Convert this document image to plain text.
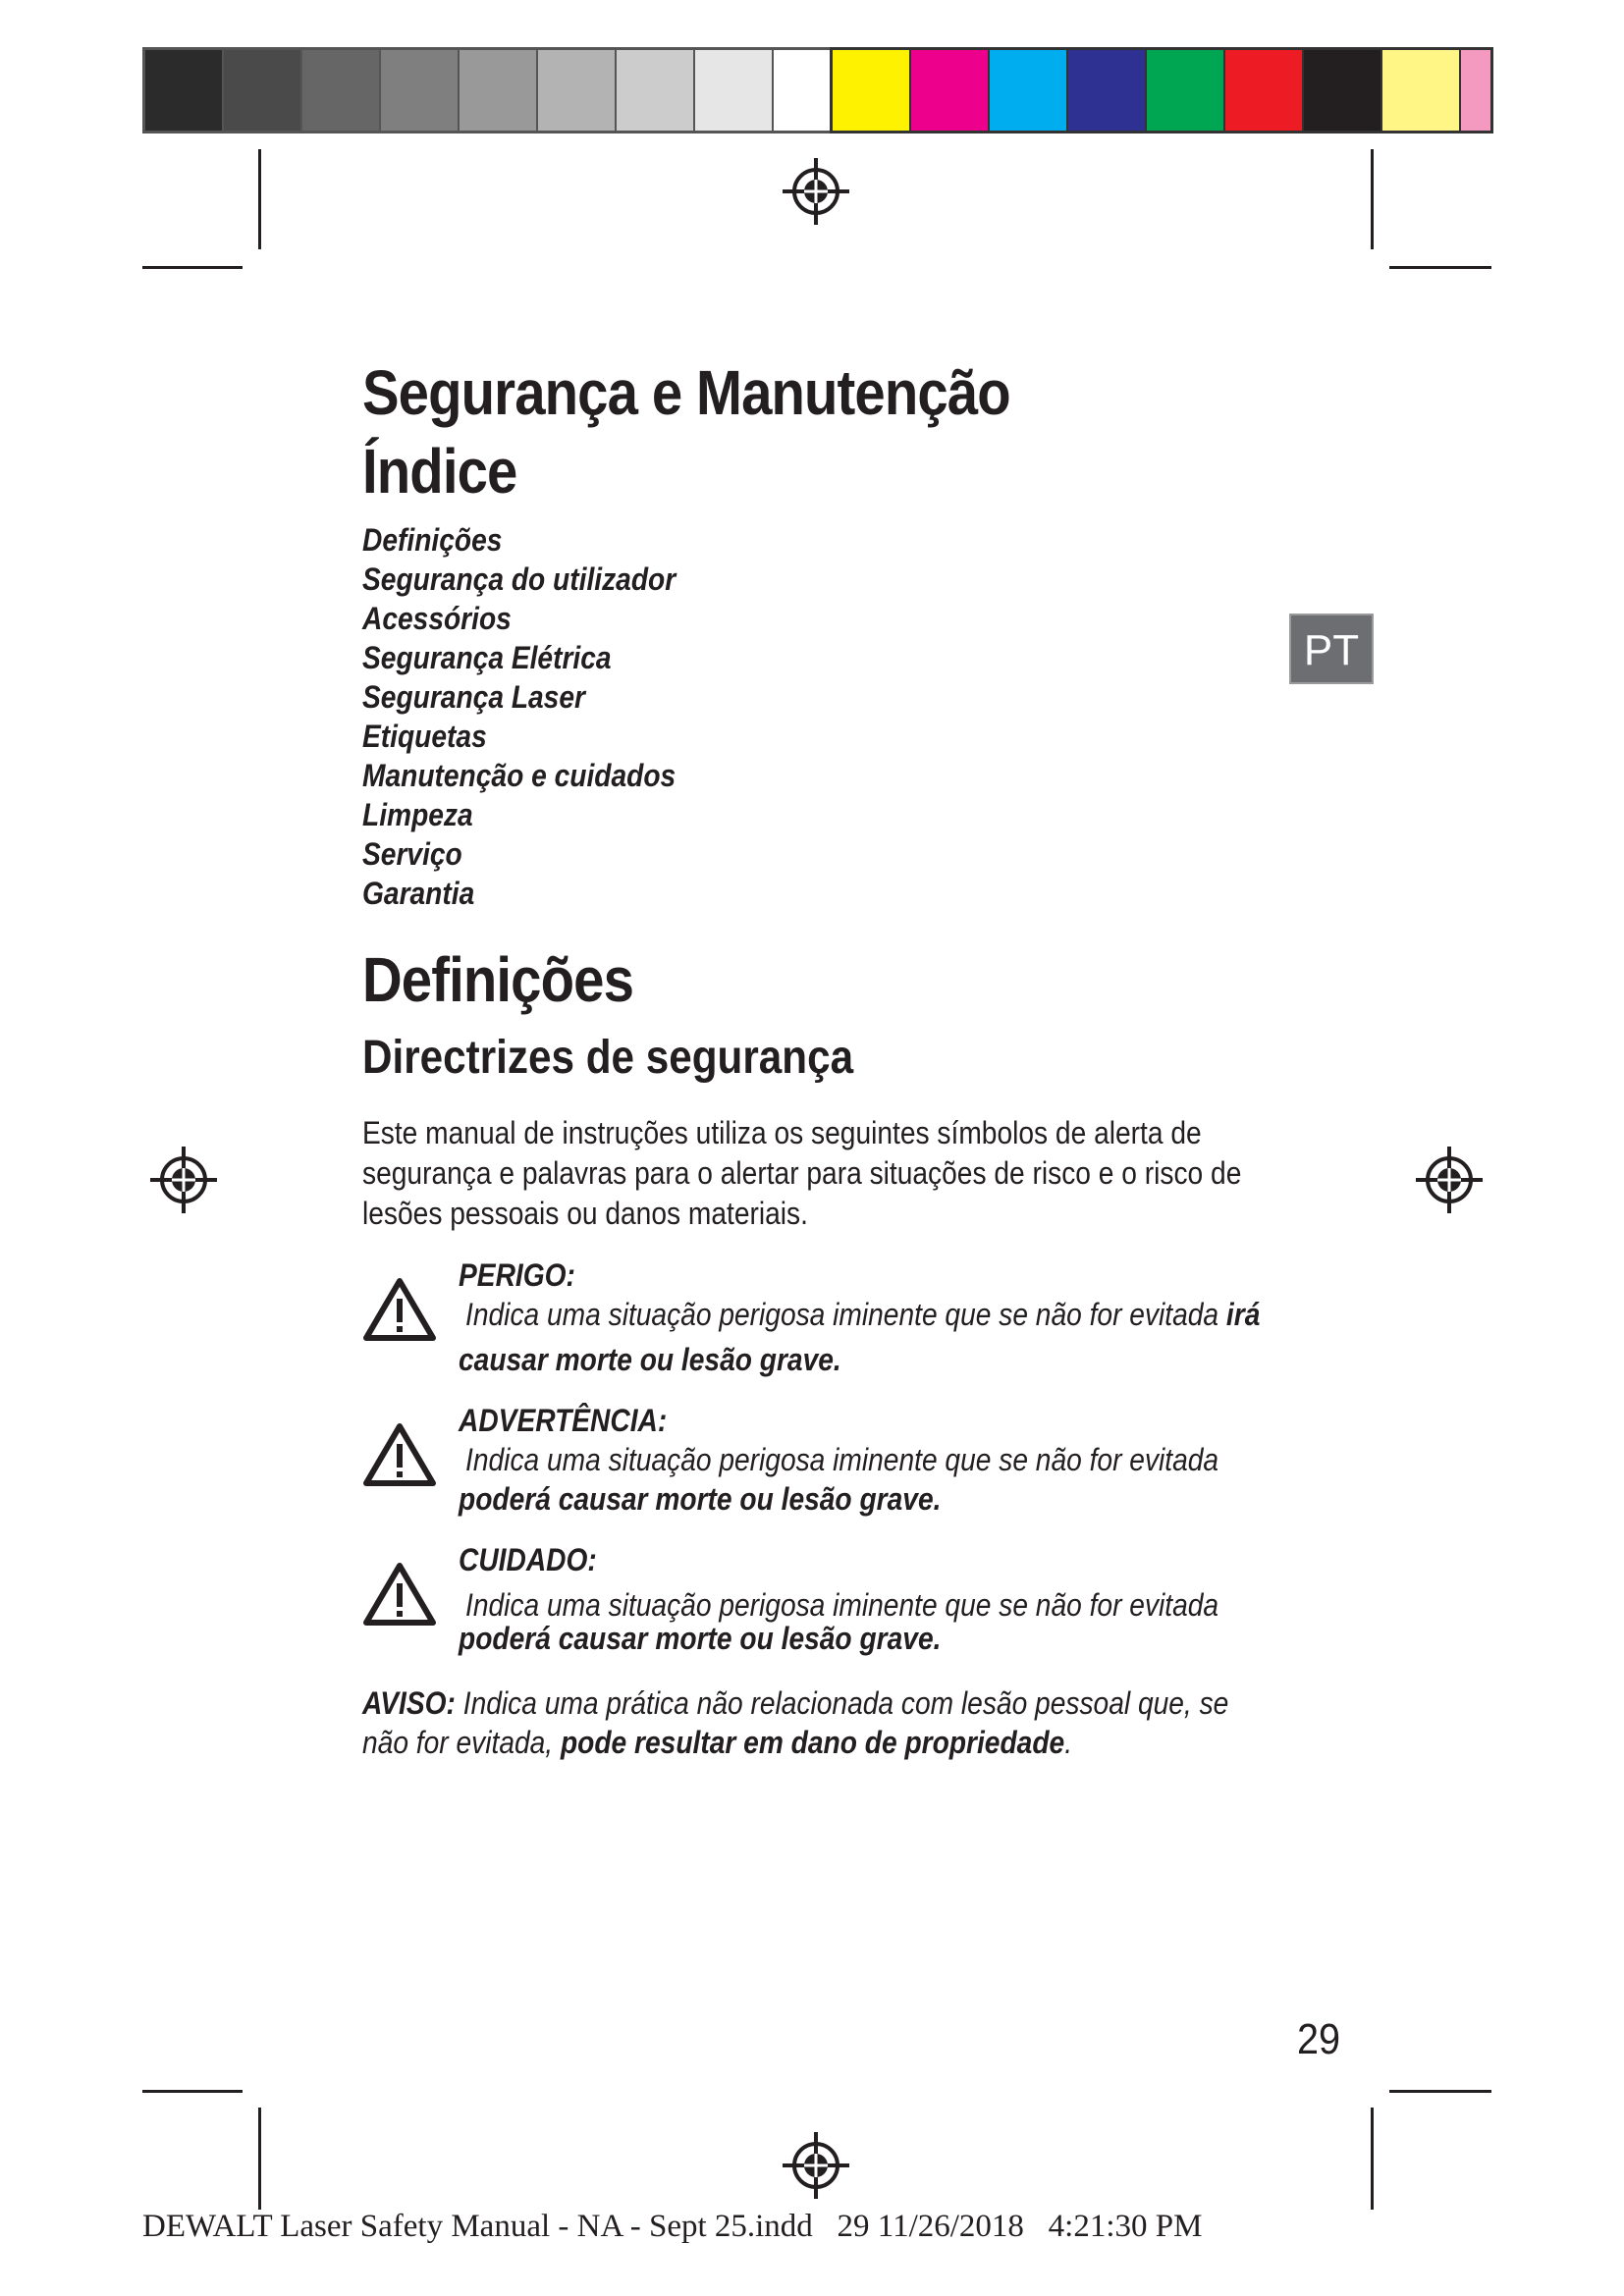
PT
Segurança e Manutenção
Índice
Definições
Segurança do utilizador
Acessórios
Segurança Elétrica
Segurança Laser
Etiquetas
Manutenção e cuidados
Limpeza
Serviço
Garantia
Definições
Directrizes de segurança

Este manual de instruções utiliza os seguintes símbolos de alerta de segurança e palavras para o alertar para situações de risco e o risco de lesões pessoais ou danos materiais.

PERIGO:
Indica uma situação perigosa iminente que se não for evitada irá
causar morte ou lesão grave.
ADVERTÊNCIA:
Indica uma situação perigosa iminente que se não for evitada
poderá causar morte ou lesão grave.
CUIDADO:
Indica uma situação perigosa iminente que se não for evitada
poderá causar morte ou lesão grave.

AVISO: Indica uma prática não relacionada com lesão pessoal que, se não for evitada, pode resultar em dano de propriedade.

29
DEWALT Laser Safety Manual - NA - Sept 25.indd   29 11/26/2018   4:21:30 PM
